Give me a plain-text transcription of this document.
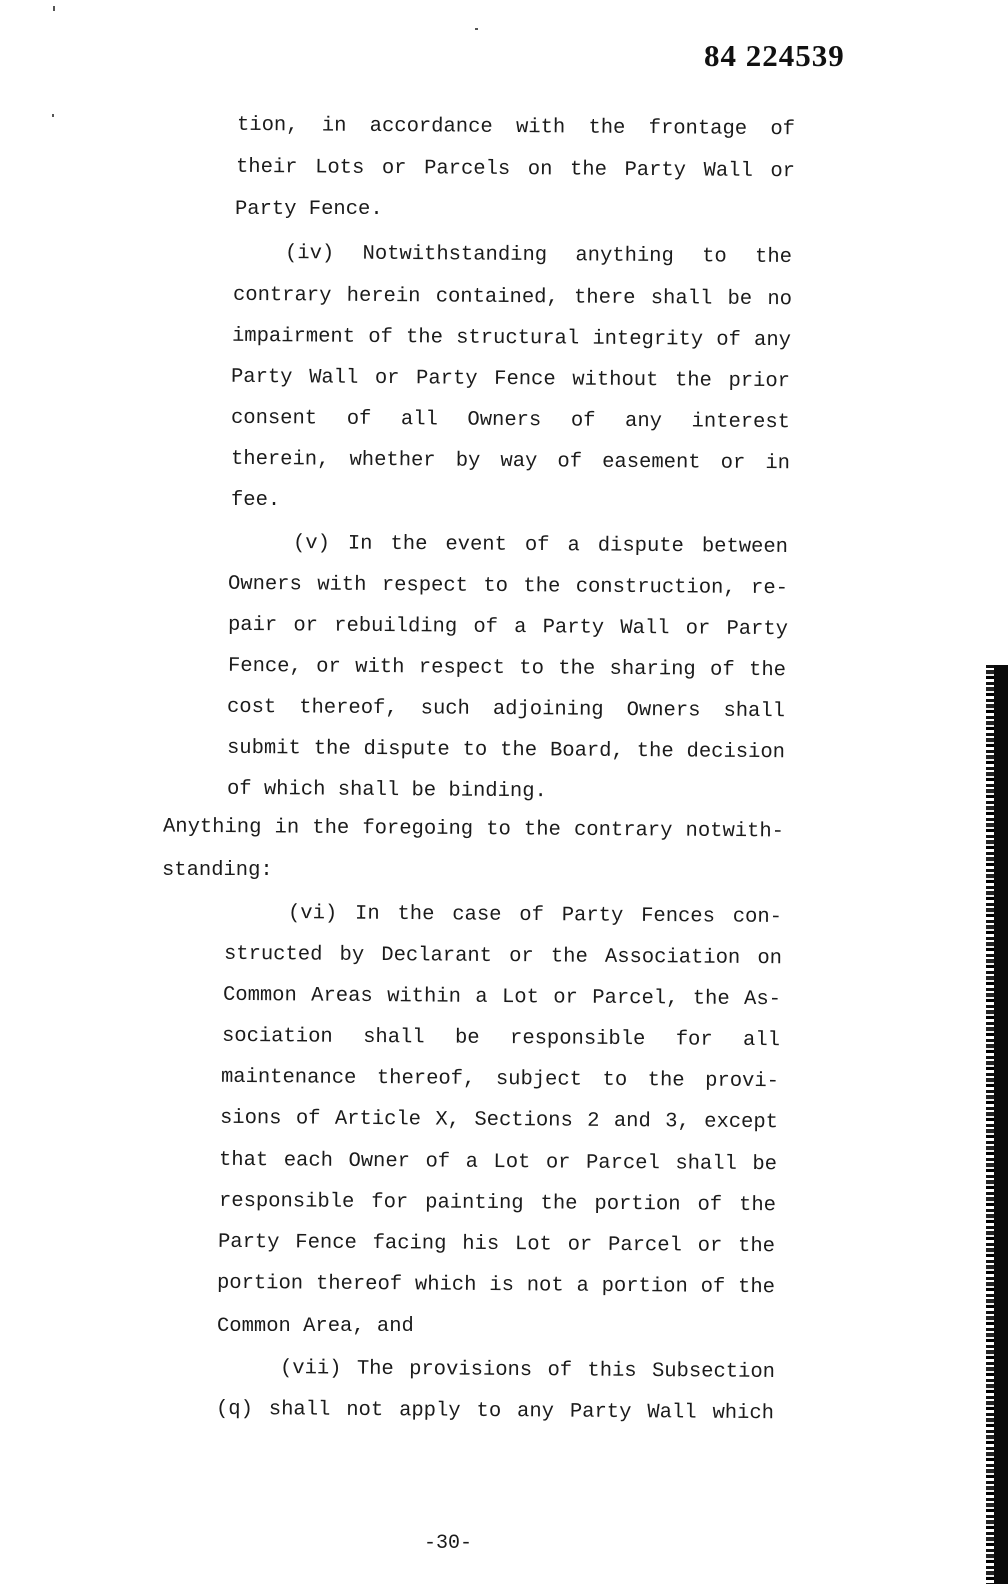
84 224539
tion, in accordance with the frontage of
their Lots or Parcels on the Party Wall or
Party Fence.
(iv) Notwithstanding anything to the
contrary herein contained, there shall be no
impairment of the structural integrity of any
Party Wall or Party Fence without the prior
consent of all Owners of any interest
therein, whether by way of easement or in
fee.
(v) In the event of a dispute between
Owners with respect to the construction, re-
pair or rebuilding of a Party Wall or Party
Fence, or with respect to the sharing of the
cost thereof, such adjoining Owners shall
submit the dispute to the Board, the decision
of which shall be binding.
Anything in the foregoing to the contrary notwith-
standing:
(vi) In the case of Party Fences con-
structed by Declarant or the Association on
Common Areas within a Lot or Parcel, the As-
sociation shall be responsible for all
maintenance thereof, subject to the provi-
sions of Article X, Sections 2 and 3, except
that each Owner of a Lot or Parcel shall be
responsible for painting the portion of the
Party Fence facing his Lot or Parcel or the
portion thereof which is not a portion of the
Common Area, and
(vii) The provisions of this Subsection
(q) shall not apply to any Party Wall which
-30-
